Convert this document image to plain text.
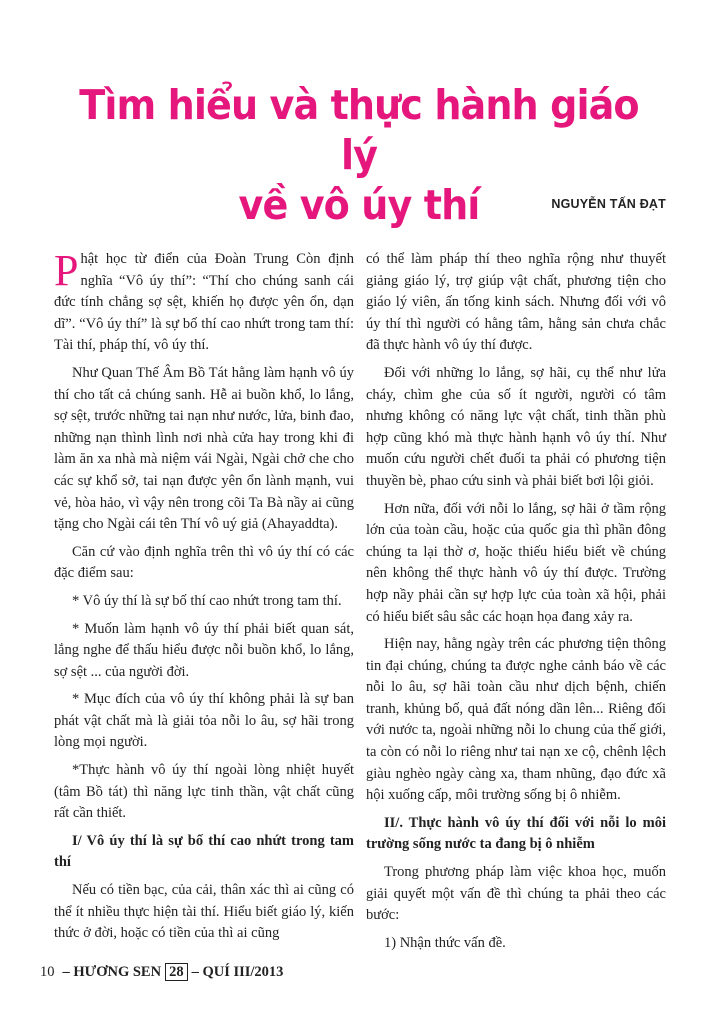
Tìm hiểu và thực hành giáo lý
về vô úy thí	NGUYỄN TẤN ĐẠT

Phật học từ điển của Đoàn Trung Còn định nghĩa “Vô úy thí”: “Thí cho chúng sanh cái đức tính chẳng sợ sệt, khiến họ được yên ổn, dạn dĩ”. “Vô úy thí” là sự bố thí cao nhứt trong tam thí: Tài thí, pháp thí, vô úy thí.

Như Quan Thế Âm Bồ Tát hằng làm hạnh vô úy thí cho tất cả chúng sanh. Hễ ai buồn khổ, lo lắng, sợ sệt, trước những tai nạn như nước, lửa, binh đao, những nạn thình lình nơi nhà cửa hay trong khi đi làm ăn xa nhà mà niệm vái Ngài, Ngài chở che cho các sự khổ sở, tai nạn được yên ổn lành mạnh, vui vẻ, hòa hảo, vì vậy nên trong cõi Ta Bà nầy ai cũng tặng cho Ngài cái tên Thí vô uý giả (Ahayaddta).

Căn cứ vào định nghĩa trên thì vô úy thí có các đặc điểm sau:

* Vô úy thí là sự bố thí cao nhứt trong tam thí.

* Muốn làm hạnh vô úy thí phải biết quan sát, lắng nghe để thấu hiểu được nỗi buồn khổ, lo lắng, sợ sệt ... của người đời.

* Mục đích của vô úy thí không phải là sự ban phát vật chất mà là giải tỏa nỗi lo âu, sợ hãi trong lòng mọi người.

*Thực hành vô úy thí ngoài lòng nhiệt huyết (tâm Bồ tát) thì năng lực tinh thần, vật chất cũng rất cần thiết.

I/ Vô úy thí là sự bố thí cao nhứt trong tam thí

Nếu có tiền bạc, của cải, thân xác thì ai cũng có thể ít nhiều thực hiện tài thí. Hiểu biết giáo lý, kiến thức ở đời, hoặc có tiền của thì ai cũng

có thể làm pháp thí theo nghĩa rộng như thuyết giảng giáo lý, trợ giúp vật chất, phương tiện cho giáo lý viên, ấn tống kinh sách. Nhưng đối với vô úy thí thì người có hằng tâm, hằng sản chưa chắc đã thực hành vô úy thí được.

Đối với những lo lắng, sợ hãi, cụ thể như lửa cháy, chìm ghe của số ít người, người có tâm nhưng không có năng lực vật chất, tinh thần phù hợp cũng khó mà thực hành hạnh vô úy thí. Như muốn cứu người chết đuối ta phải có phương tiện thuyền bè, phao cứu sinh và phải biết bơi lội giỏi.

Hơn nữa, đối với nỗi lo lắng, sợ hãi ở tầm rộng lớn của toàn cầu, hoặc của quốc gia thì phần đông chúng ta lại thờ ơ, hoặc thiếu hiểu biết về chúng nên không thể thực hành vô úy thí được. Trường hợp nầy phải cần sự hợp lực của toàn xã hội, phải có hiểu biết sâu sắc các hoạn họa đang xảy ra.

Hiện nay, hằng ngày trên các phương tiện thông tin đại chúng, chúng ta được nghe cảnh báo về các nỗi lo âu, sợ hãi toàn cầu như dịch bệnh, chiến tranh, khủng bố, quả đất nóng dần lên... Riêng đối với nước ta, ngoài những nỗi lo chung của thế giới, ta còn có nỗi lo riêng như tai nạn xe cộ, chênh lệch giàu nghèo ngày càng xa, tham nhũng, đạo đức xã hội xuống cấp, môi trường sống bị ô nhiễm.

II/. Thực hành vô úy thí đối với nỗi lo môi trường sống nước ta đang bị ô nhiễm

Trong phương pháp làm việc khoa học, muốn giải quyết một vấn đề thì chúng ta phải theo các bước:

1) Nhận thức vấn đề.

10 – HƯƠNG SEN 28 – QUÍ III/2013
